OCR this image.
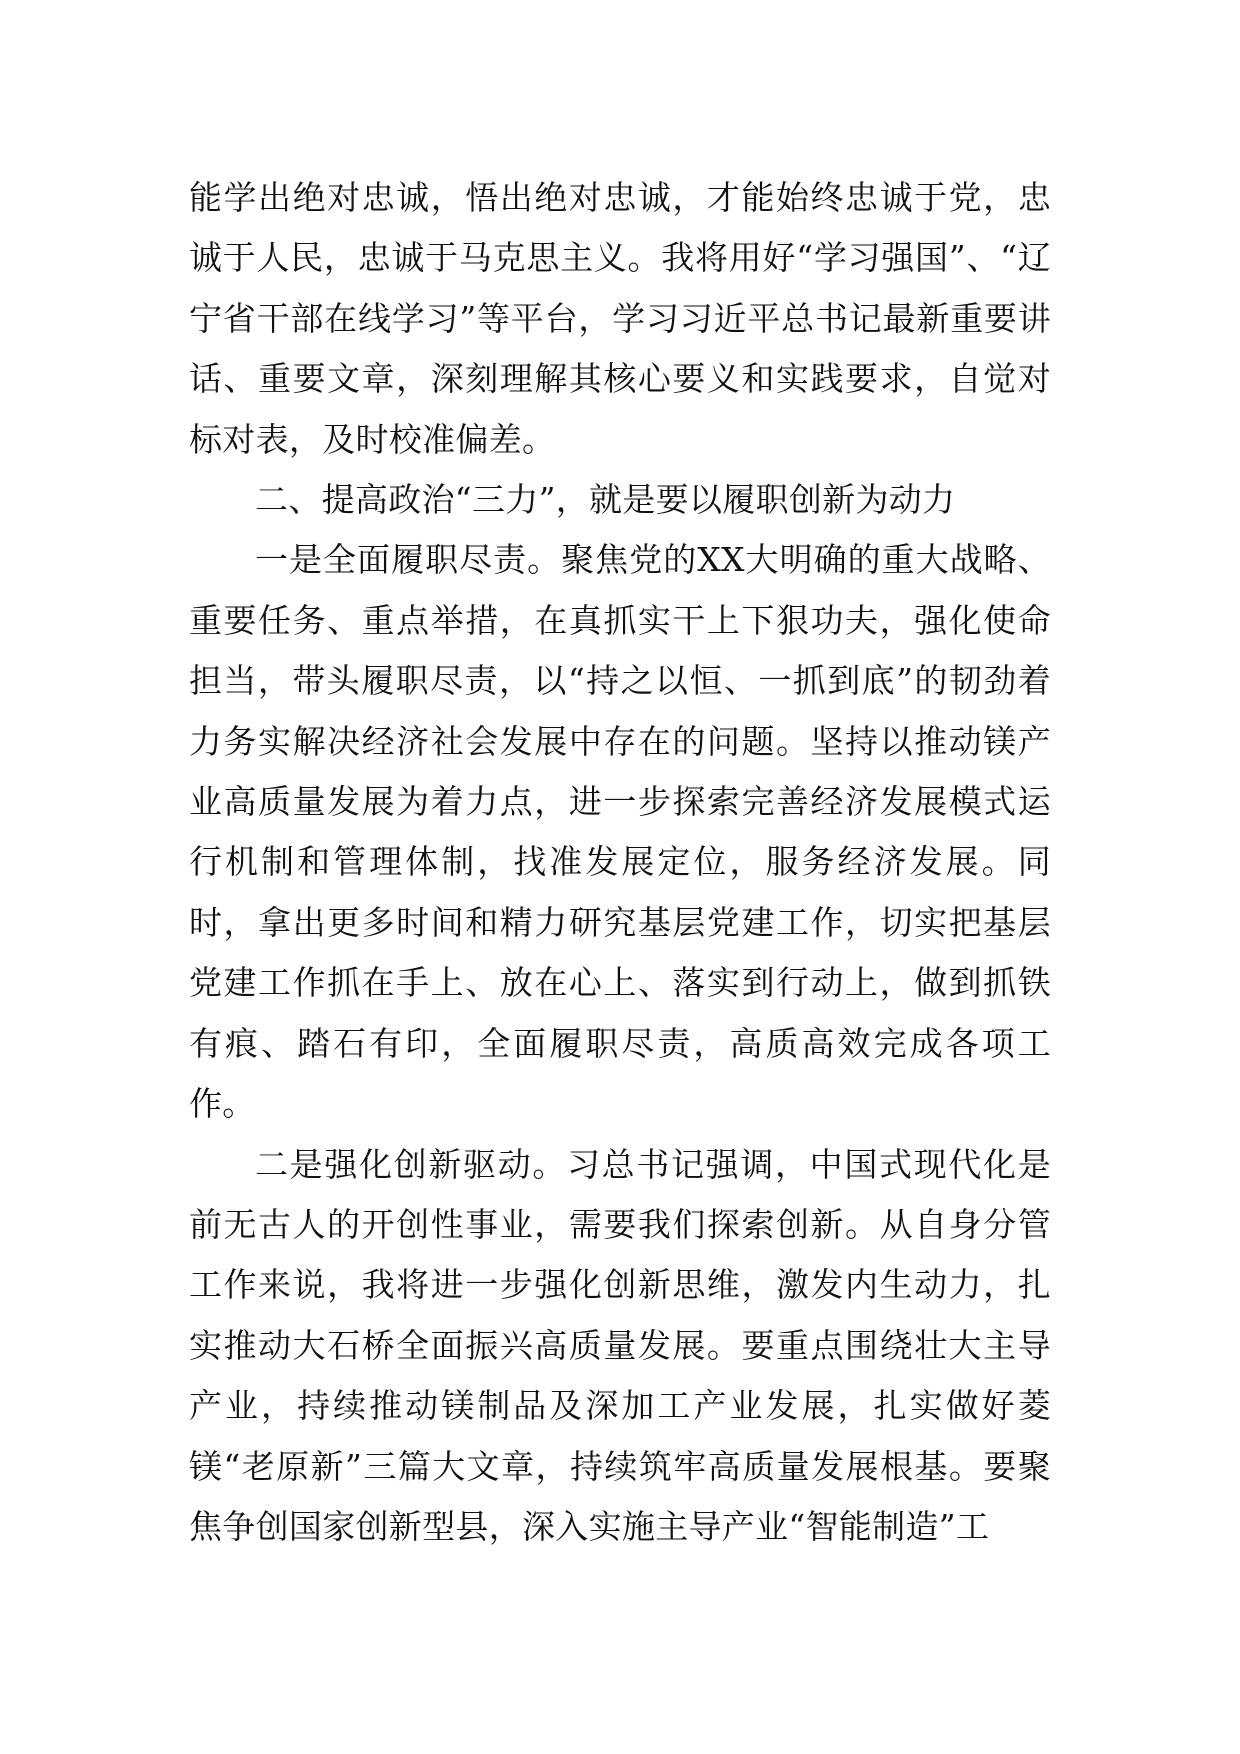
能学出绝对忠诚，悟出绝对忠诚，才能始终忠诚于党，忠诚于人民，忠诚于马克思主义。我将用好“学习强国”、“辽宁省干部在线学习”等平台，学习习近平总书记最新重要讲话、重要文章，深刻理解其核心要义和实践要求，自觉对标对表，及时校准偏差。

二、提高政治“三力”，就是要以履职创新为动力

一是全面履职尽责。聚焦党的XX大明确的重大战略、重要任务、重点举措，在真抓实干上下狠功夫，强化使命担当，带头履职尽责，以“持之以恒、一抓到底”的韧劲着力务实解决经济社会发展中存在的问题。坚持以推动镁产业高质量发展为着力点，进一步探索完善经济发展模式运行机制和管理体制，找准发展定位，服务经济发展。同时，拿出更多时间和精力研究基层党建工作，切实把基层党建工作抓在手上、放在心上、落实到行动上，做到抓铁有痕、踏石有印，全面履职尽责，高质高效完成各项工作。

二是强化创新驱动。习总书记强调，中国式现代化是前无古人的开创性事业，需要我们探索创新。从自身分管工作来说，我将进一步强化创新思维，激发内生动力，扎实推动大石桥全面振兴高质量发展。要重点围绕壮大主导产业，持续推动镁制品及深加工产业发展，扎实做好菱镁“老原新”三篇大文章，持续筑牢高质量发展根基。要聚焦争创国家创新型县，深入实施主导产业“智能制造”工
